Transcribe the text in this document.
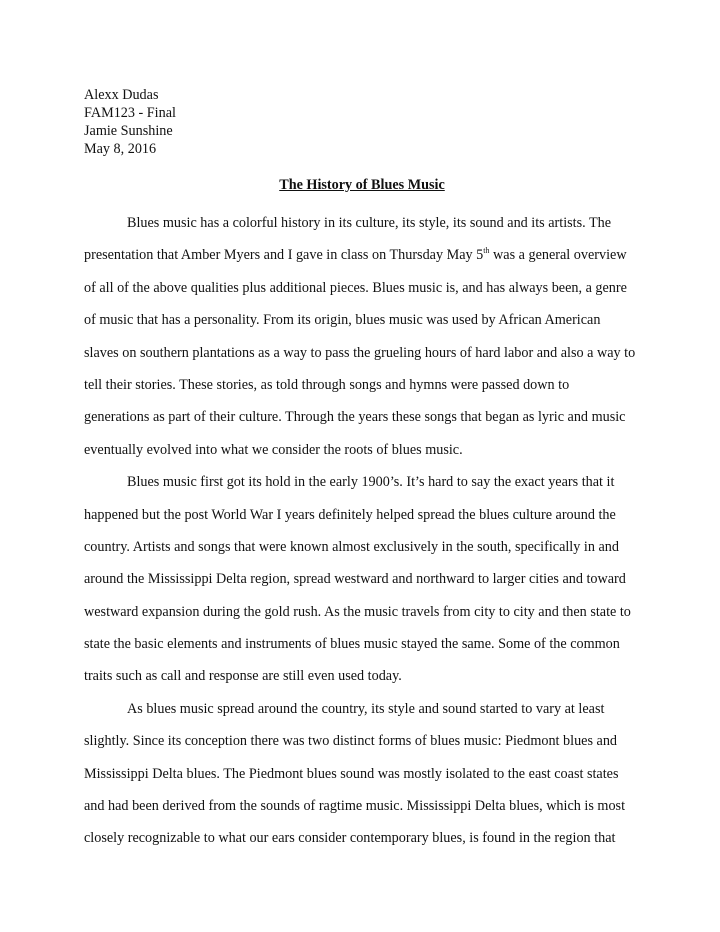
Alexx Dudas
FAM123 - Final
Jamie Sunshine
May 8, 2016
The History of Blues Music
Blues music has a colorful history in its culture, its style, its sound and its artists. The
presentation that Amber Myers and I gave in class on Thursday May 5th was a general overview
of all of the above qualities plus additional pieces. Blues music is, and has always been, a genre
of music that has a personality. From its origin, blues music was used by African American
slaves on southern plantations as a way to pass the grueling hours of hard labor and also a way to
tell their stories. These stories, as told through songs and hymns were passed down to
generations as part of their culture. Through the years these songs that began as lyric and music
eventually evolved into what we consider the roots of blues music.
Blues music first got its hold in the early 1900’s. It’s hard to say the exact years that it
happened but the post World War I years definitely helped spread the blues culture around the
country. Artists and songs that were known almost exclusively in the south, specifically in and
around the Mississippi Delta region, spread westward and northward to larger cities and toward
westward expansion during the gold rush. As the music travels from city to city and then state to
state the basic elements and instruments of blues music stayed the same. Some of the common
traits such as call and response are still even used today.
As blues music spread around the country, its style and sound started to vary at least
slightly. Since its conception there was two distinct forms of blues music: Piedmont blues and
Mississippi Delta blues. The Piedmont blues sound was mostly isolated to the east coast states
and had been derived from the sounds of ragtime music. Mississippi Delta blues, which is most
closely recognizable to what our ears consider contemporary blues, is found in the region that
